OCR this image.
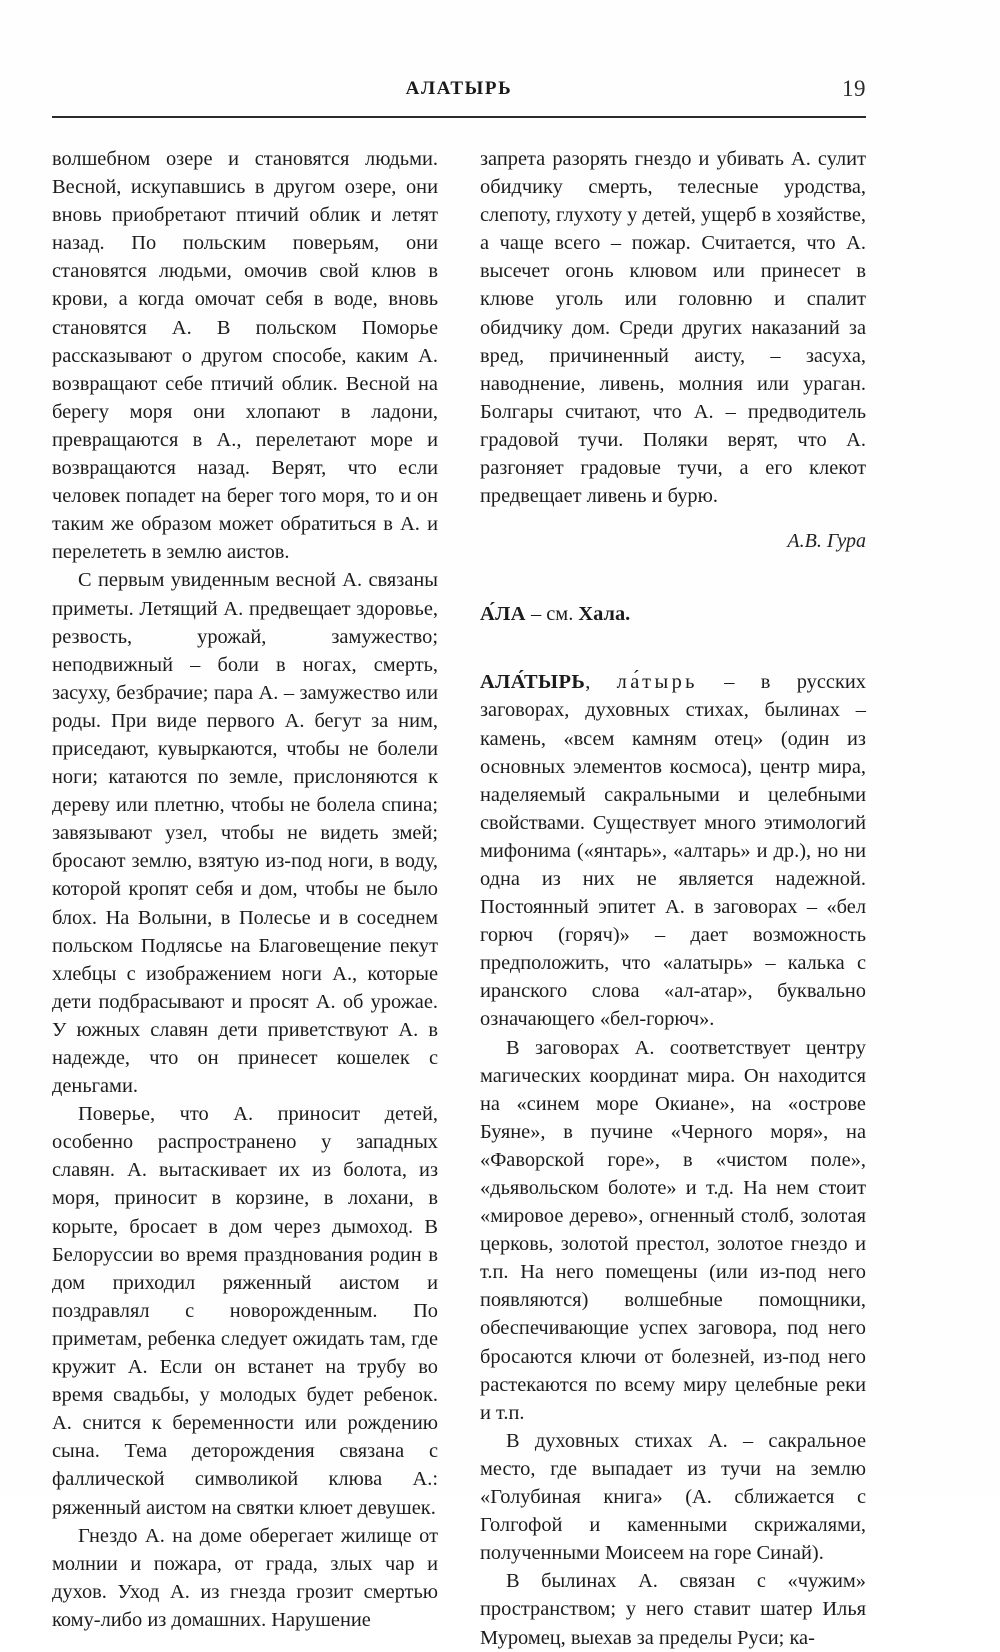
АЛАТЫРЬ	19

волшебном озере и становятся людьми. Весной, искупавшись в другом озере, они вновь приобретают птичий облик и летят назад. По польским поверьям, они становятся людьми, омочив свой клюв в крови, а когда омочат себя в воде, вновь становятся А. В польском Поморье рассказывают о другом способе, каким А. возвращают себе птичий облик. Весной на берегу моря они хлопают в ладони, превращаются в А., перелетают море и возвращаются назад. Верят, что если человек попадет на берег того моря, то и он таким же образом может обратиться в А. и перелететь в землю аистов.

С первым увиденным весной А. связаны приметы. Летящий А. предвещает здоровье, резвость, урожай, замужество; неподвижный – боли в ногах, смерть, засуху, безбрачие; пара А. – замужество или роды. При виде первого А. бегут за ним, приседают, кувыркаются, чтобы не болели ноги; катаются по земле, прислоняются к дереву или плетню, чтобы не болела спина; завязывают узел, чтобы не видеть змей; бросают землю, взятую из-под ноги, в воду, которой кропят себя и дом, чтобы не было блох. На Волыни, в Полесье и в соседнем польском Подлясье на Благовещение пекут хлебцы с изображением ноги А., которые дети подбрасывают и просят А. об урожае. У южных славян дети приветствуют А. в надежде, что он принесет кошелек с деньгами.

Поверье, что А. приносит детей, особенно распространено у западных славян. А. вытаскивает их из болота, из моря, приносит в корзине, в лохани, в корыте, бросает в дом через дымоход. В Белоруссии во время празднования родин в дом приходил ряженный аистом и поздравлял с новорожденным. По приметам, ребенка следует ожидать там, где кружит А. Если он встанет на трубу во время свадьбы, у молодых будет ребенок. А. снится к беременности или рождению сына. Тема деторождения связана с фаллической символикой клюва А.: ряженный аистом на святки клюет девушек.

Гнездо А. на доме оберегает жилище от молнии и пожара, от града, злых чар и духов. Уход А. из гнезда грозит смертью кому-либо из домашних. Нарушение

запрета разорять гнездо и убивать А. сулит обидчику смерть, телесные уродства, слепоту, глухоту у детей, ущерб в хозяйстве, а чаще всего – пожар. Считается, что А. высечет огонь клювом или принесет в клюве уголь или головню и спалит обидчику дом. Среди других наказаний за вред, причиненный аисту, – засуха, наводнение, ливень, молния или ураган. Болгары считают, что А. – предводитель градовой тучи. Поляки верят, что А. разгоняет градовые тучи, а его клекот предвещает ливень и бурю.

А.В. Гура

А́ЛА – см. Хала.

АЛА́ТЫРЬ, ла́тырь – в русских заговорах, духовных стихах, былинах – камень, «всем камням отец» (один из основных элементов космоса), центр мира, наделяемый сакральными и целебными свойствами. Существует много этимологий мифонима («янтарь», «алтарь» и др.), но ни одна из них не является надежной. Постоянный эпитет А. в заговорах – «бел горюч (горяч)» – дает возможность предположить, что «алатырь» – калька с иранского слова «ал-атар», буквально означающего «бел-горюч».

В заговорах А. соответствует центру магических координат мира. Он находится на «синем море Окиане», на «острове Буяне», в пучине «Черного моря», на «Фаворской горе», в «чистом поле», «дьявольском болоте» и т.д. На нем стоит «мировое дерево», огненный столб, золотая церковь, золотой престол, золотое гнездо и т.п. На него помещены (или из-под него появляются) волшебные помощники, обеспечивающие успех заговора, под него бросаются ключи от болезней, из-под него растекаются по всему миру целебные реки и т.п.

В духовных стихах А. – сакральное место, где выпадает из тучи на землю «Голубиная книга» (А. сближается с Голгофой и каменными скрижалями, полученными Моисеем на горе Синай).

В былинах А. связан с «чужим» пространством; у него ставит шатер Илья Муромец, выехав за пределы Руси; ка-
